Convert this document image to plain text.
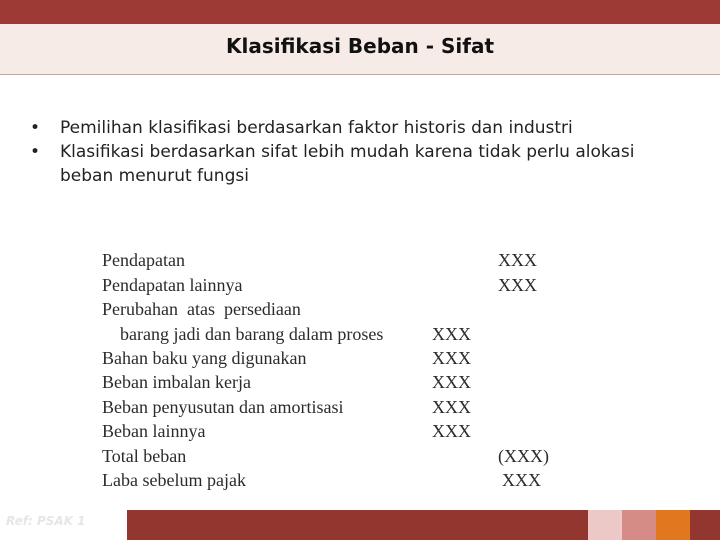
Klasifikasi Beban - Sifat
• Pemilihan klasifikasi berdasarkan faktor historis dan industri
• Klasifikasi berdasarkan sifat lebih mudah karena tidak perlu alokasi beban menurut fungsi
Pendapatan	XXX
Pendapatan lainnya	XXX
Perubahan  atas  persediaan
barang jadi dan barang dalam proses	XXX
Bahan baku yang digunakan	XXX
Beban imbalan kerja	XXX
Beban penyusutan dan amortisasi	XXX
Beban lainnya	XXX
Total beban	(XXX)
Laba sebelum pajak	XXX
Ref: PSAK 1
